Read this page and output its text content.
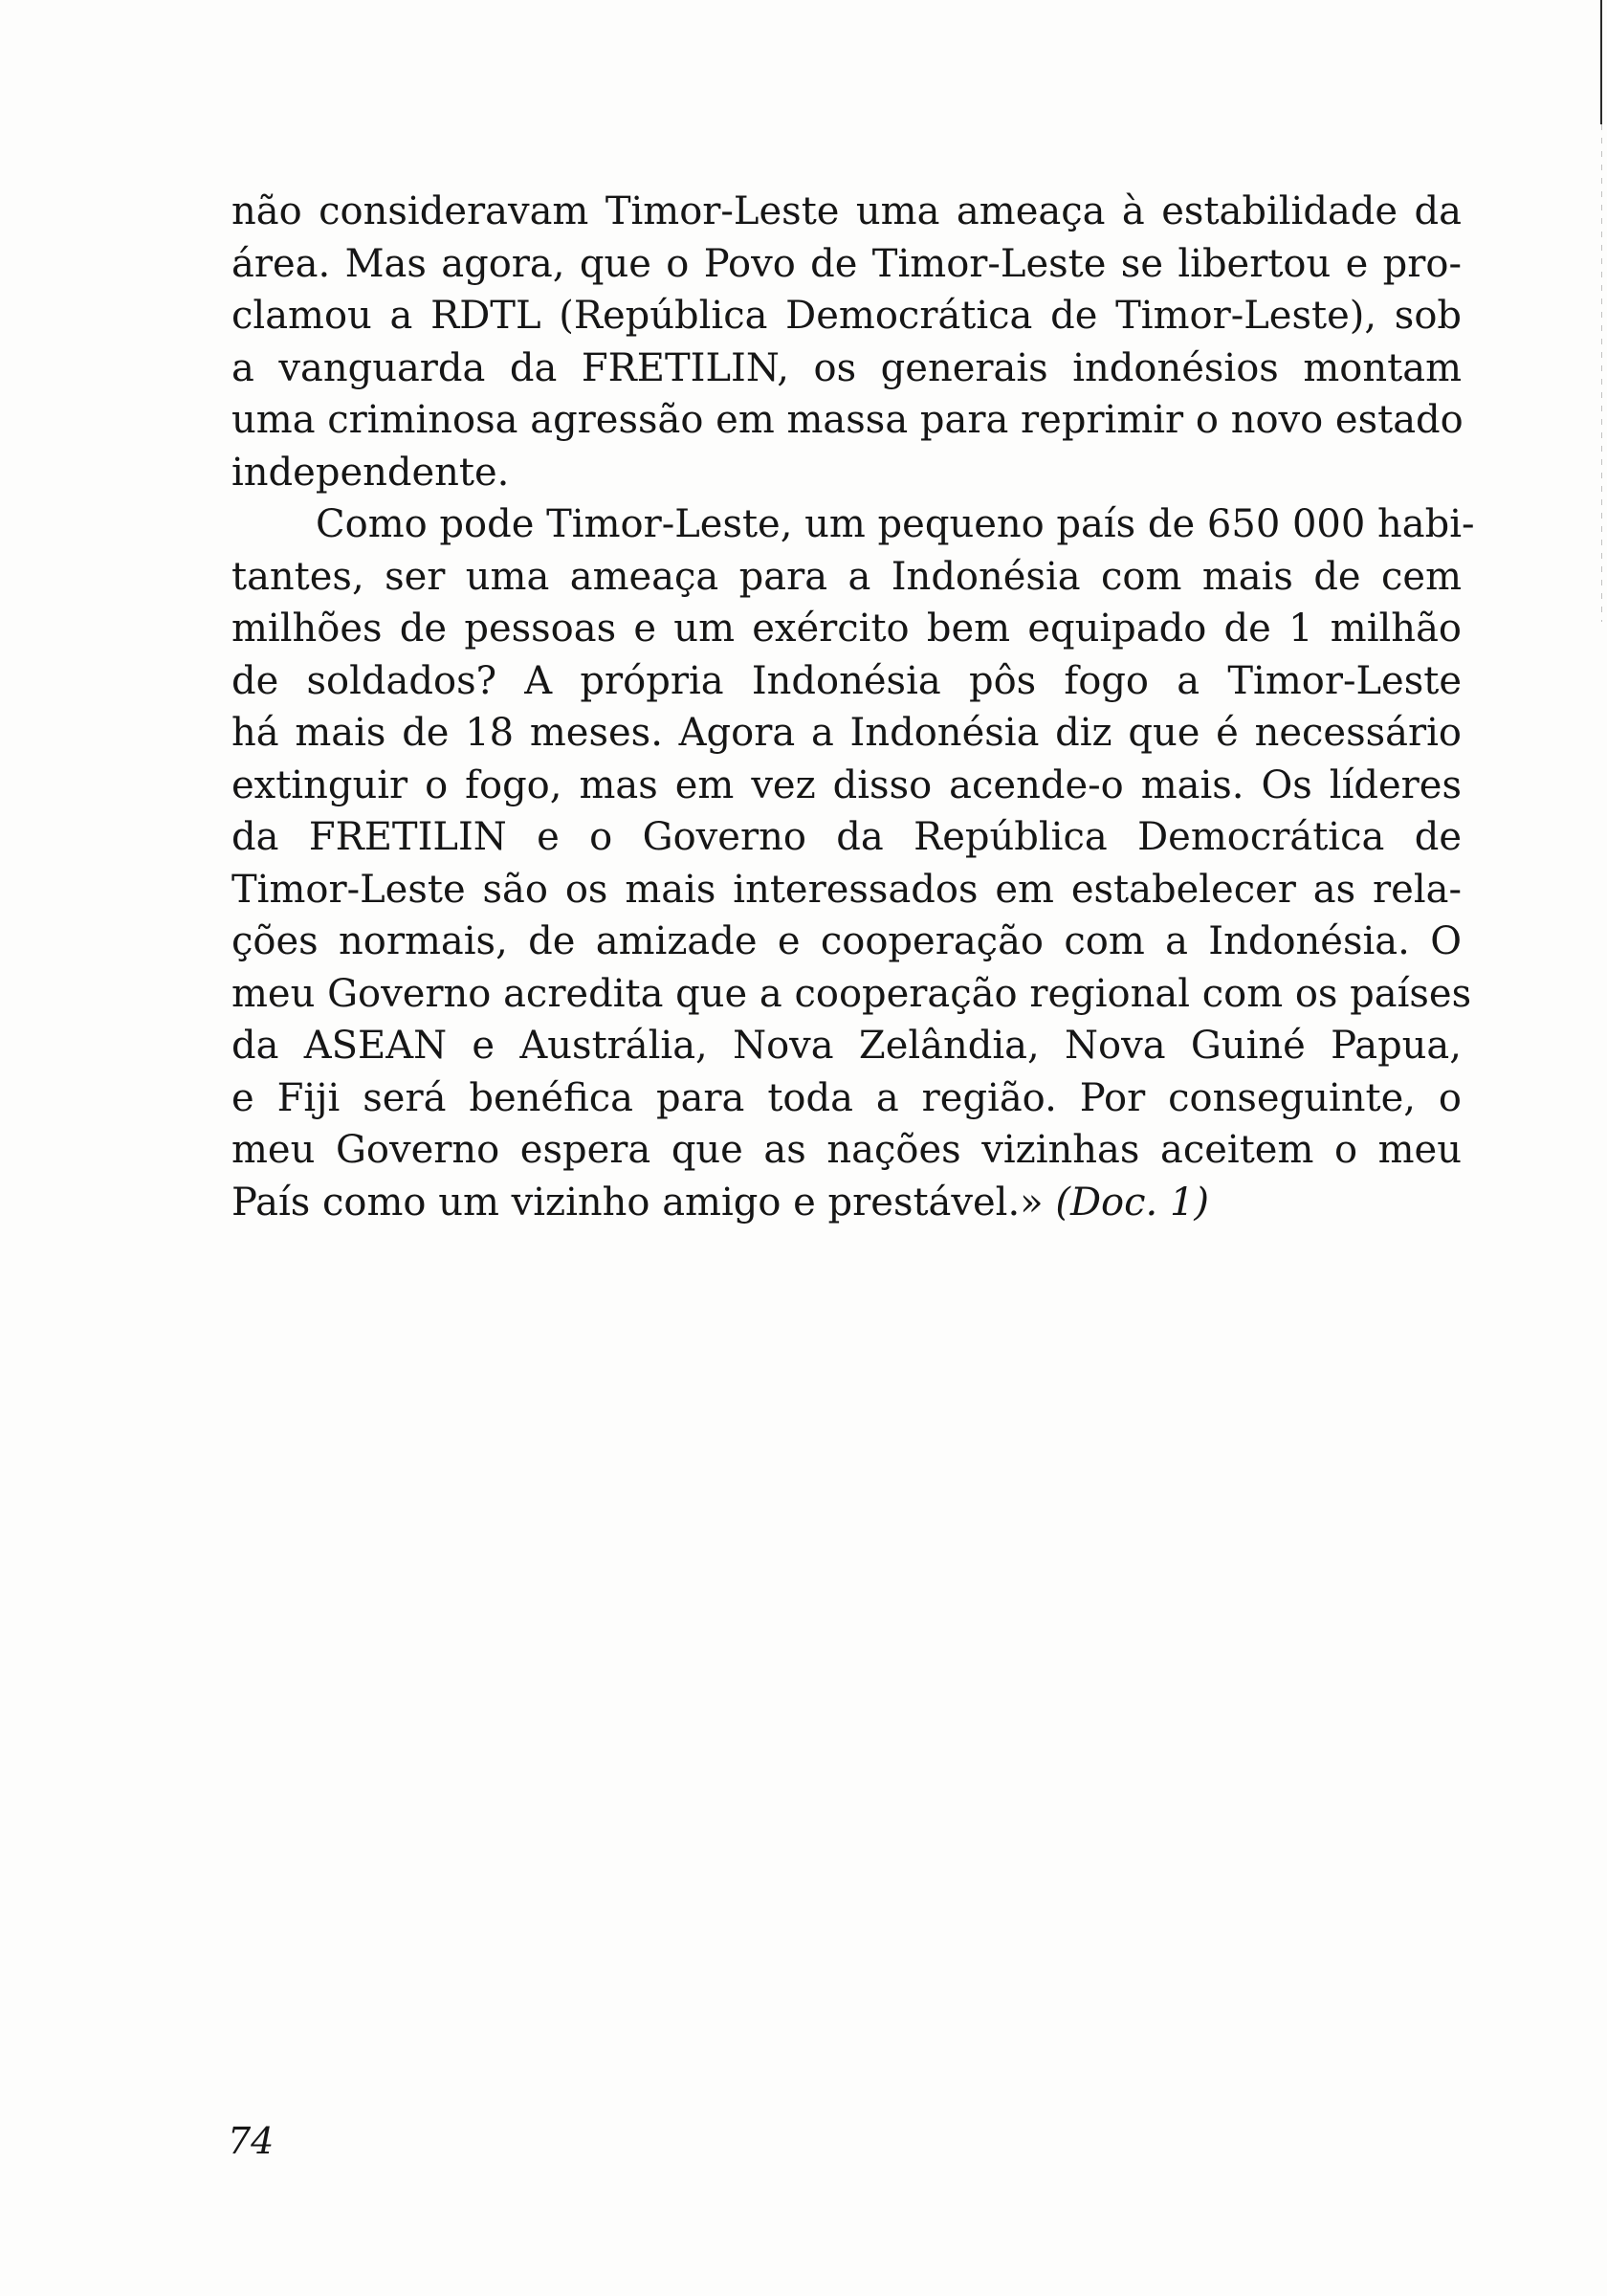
não consideravam Timor-Leste uma ameaça à estabilidade da
área. Mas agora, que o Povo de Timor-Leste se libertou e pro-
clamou a RDTL (República Democrática de Timor-Leste), sob
a vanguarda da FRETILIN, os generais indonésios montam
uma criminosa agressão em massa para reprimir o novo estado
independente.
Como pode Timor-Leste, um pequeno país de 650 000 habi-
tantes, ser uma ameaça para a Indonésia com mais de cem
milhões de pessoas e um exército bem equipado de 1 milhão
de soldados? A própria Indonésia pôs fogo a Timor-Leste
há mais de 18 meses. Agora a Indonésia diz que é necessário
extinguir o fogo, mas em vez disso acende-o mais. Os líderes
da FRETILIN e o Governo da República Democrática de
Timor-Leste são os mais interessados em estabelecer as rela-
ções normais, de amizade e cooperação com a Indonésia. O
meu Governo acredita que a cooperação regional com os países
da ASEAN e Austrália, Nova Zelândia, Nova Guiné Papua,
e Fiji será benéfica para toda a região. Por conseguinte, o
meu Governo espera que as nações vizinhas aceitem o meu
País como um vizinho amigo e prestável.» (Doc. 1)
74
